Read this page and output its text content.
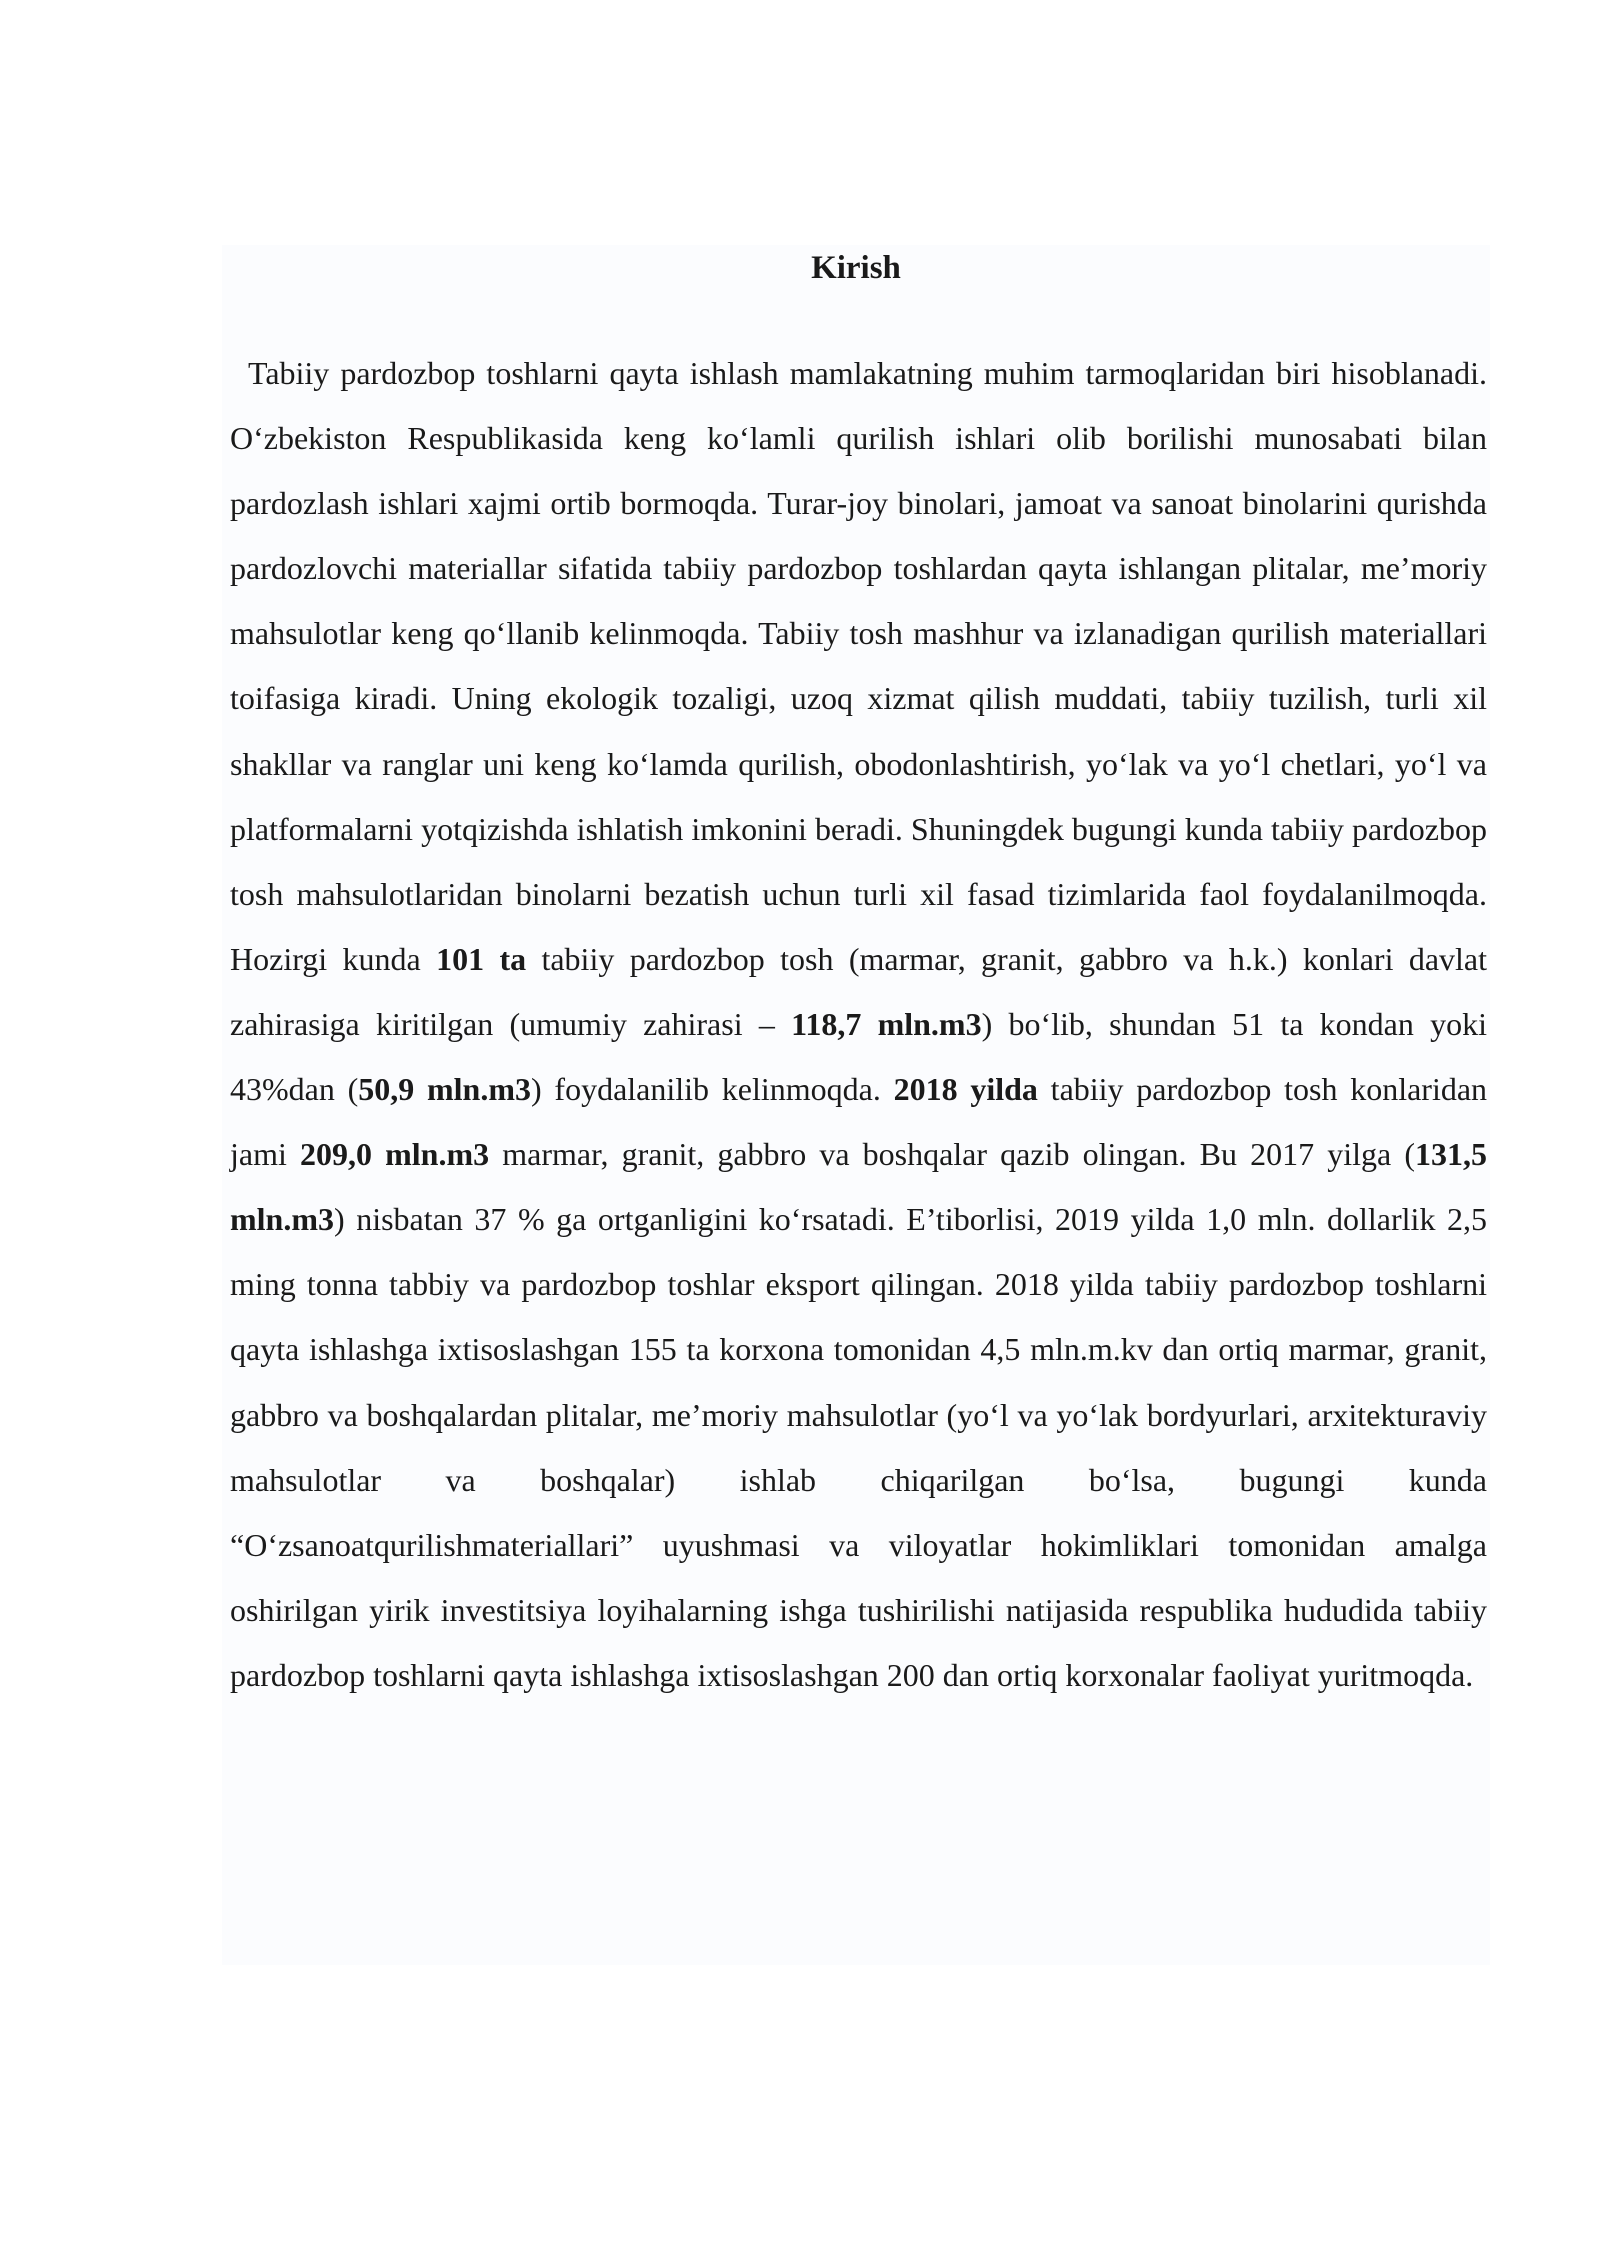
Kirish

Tabiiy pardozbop toshlarni qayta ishlash mamlakatning muhim tarmoqlaridan biri hisoblanadi. O‘zbekiston Respublikasida keng ko‘lamli qurilish ishlari olib borilishi munosabati bilan pardozlash ishlari xajmi ortib bormoqda. Turar-joy binolari, jamoat va sanoat binolarini qurishda pardozlovchi materiallar sifatida tabiiy pardozbop toshlardan qayta ishlangan plitalar, me’moriy mahsulotlar keng qo‘llanib kelinmoqda. Tabiiy tosh mashhur va izlanadigan qurilish materiallari toifasiga kiradi. Uning ekologik tozaligi, uzoq xizmat qilish muddati, tabiiy tuzilish, turli xil shakllar va ranglar uni keng ko‘lamda qurilish, obodonlashtirish, yo‘lak va yo‘l chetlari, yo‘l va platformalarni yotqizishda ishlatish imkonini beradi. Shuningdek bugungi kunda tabiiy pardozbop tosh mahsulotlaridan binolarni bezatish uchun turli xil fasad tizimlarida faol foydalanilmoqda. Hozirgi kunda 101 ta tabiiy pardozbop tosh (marmar, granit, gabbro va h.k.) konlari davlat zahirasiga kiritilgan (umumiy zahirasi – 118,7 mln.m3) bo‘lib, shundan 51 ta kondan yoki 43%dan (50,9 mln.m3) foydalanilib kelinmoqda. 2018 yilda tabiiy pardozbop tosh konlaridan jami 209,0 mln.m3 marmar, granit, gabbro va boshqalar qazib olingan. Bu 2017 yilga (131,5 mln.m3) nisbatan 37 % ga ortganligini ko‘rsatadi. E’tiborlisi, 2019 yilda 1,0 mln. dollarlik 2,5 ming tonna tabbiy va pardozbop toshlar eksport qilingan. 2018 yilda tabiiy pardozbop toshlarni qayta ishlashga ixtisoslashgan 155 ta korxona tomonidan 4,5 mln.m.kv dan ortiq marmar, granit, gabbro va boshqalardan plitalar, me’moriy mahsulotlar (yo‘l va yo‘lak bordyurlari, arxitekturaviy mahsulotlar va boshqalar) ishlab chiqarilgan bo‘lsa, bugungi kunda “O‘zsanoatqurilishmateriallari” uyushmasi va viloyatlar hokimliklari tomonidan amalga oshirilgan yirik investitsiya loyihalarning ishga tushirilishi natijasida respublika hududida tabiiy pardozbop toshlarni qayta ishlashga ixtisoslashgan 200 dan ortiq korxonalar faoliyat yuritmoqda.
